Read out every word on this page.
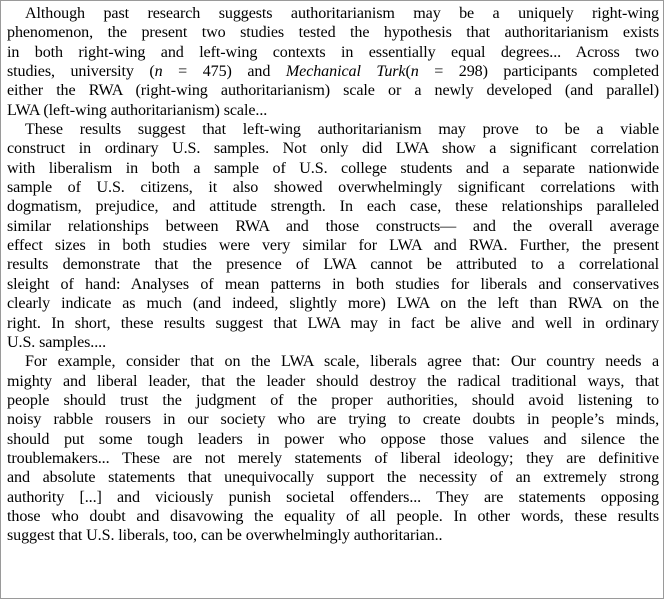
Although past research suggests authoritarianism may be a uniquely right-wing
phenomenon, the present two studies tested the hypothesis that authoritarianism exists
in both right-wing and left-wing contexts in essentially equal degrees... Across two
studies, university (n = 475) and Mechanical Turk(n = 298) participants completed
either the RWA (right-wing authoritarianism) scale or a newly developed (and parallel)
LWA (left-wing authoritarianism) scale...
These results suggest that left-wing authoritarianism may prove to be a viable
construct in ordinary U.S. samples. Not only did LWA show a significant correlation
with liberalism in both a sample of U.S. college students and a separate nationwide
sample of U.S. citizens, it also showed overwhelmingly significant correlations with
dogmatism, prejudice, and attitude strength. In each case, these relationships paralleled
similar relationships between RWA and those constructs— and the overall average
effect sizes in both studies were very similar for LWA and RWA. Further, the present
results demonstrate that the presence of LWA cannot be attributed to a correlational
sleight of hand: Analyses of mean patterns in both studies for liberals and conservatives
clearly indicate as much (and indeed, slightly more) LWA on the left than RWA on the
right. In short, these results suggest that LWA may in fact be alive and well in ordinary
U.S. samples....
For example, consider that on the LWA scale, liberals agree that: Our country needs a
mighty and liberal leader, that the leader should destroy the radical traditional ways, that
people should trust the judgment of the proper authorities, should avoid listening to
noisy rabble rousers in our society who are trying to create doubts in people’s minds,
should put some tough leaders in power who oppose those values and silence the
troublemakers... These are not merely statements of liberal ideology; they are definitive
and absolute statements that unequivocally support the necessity of an extremely strong
authority [...] and viciously punish societal offenders... They are statements opposing
those who doubt and disavowing the equality of all people. In other words, these results
suggest that U.S. liberals, too, can be overwhelmingly authoritarian..
